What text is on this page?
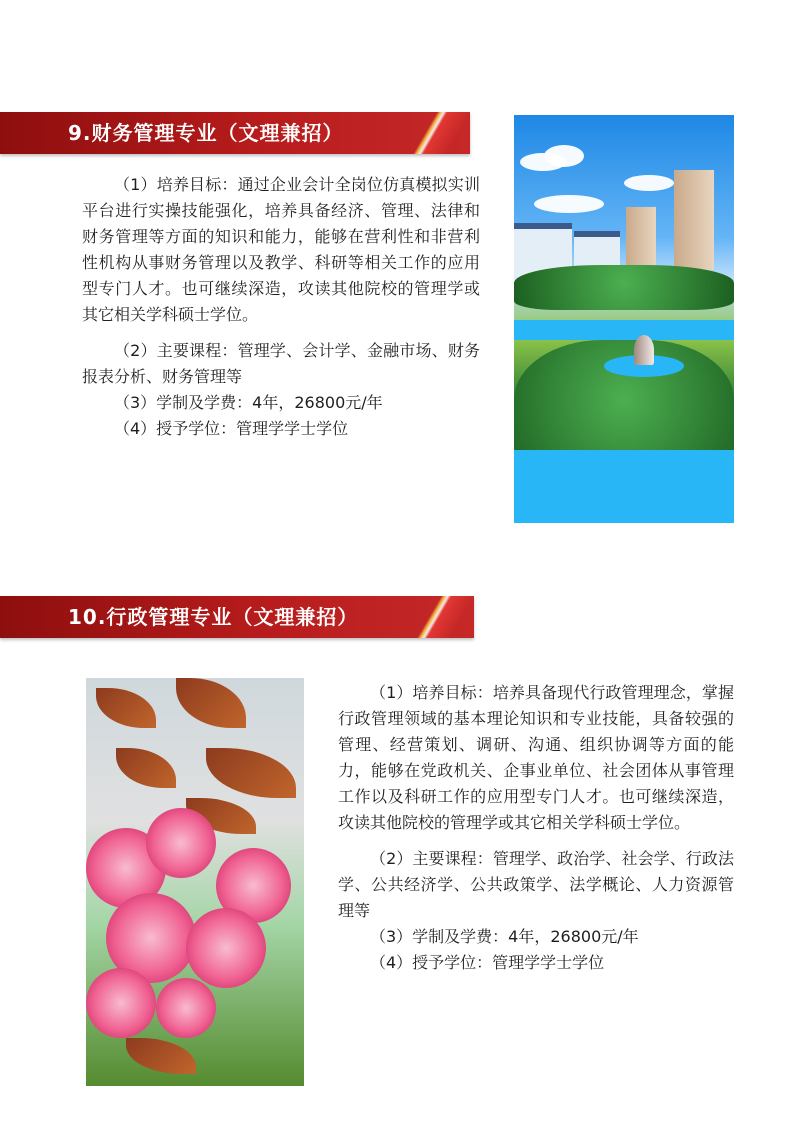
9.财务管理专业（文理兼招）

（1）培养目标：通过企业会计全岗位仿真模拟实训平台进行实操技能强化，培养具备经济、管理、法律和财务管理等方面的知识和能力，能够在营利性和非营利性机构从事财务管理以及教学、科研等相关工作的应用型专门人才。也可继续深造，攻读其他院校的管理学或其它相关学科硕士学位。

（2）主要课程：管理学、会计学、金融市场、财务报表分析、财务管理等

（3）学制及学费：4年，26800元/年

（4）授予学位：管理学学士学位

10.行政管理专业（文理兼招）

（1）培养目标：培养具备现代行政管理理念，掌握行政管理领域的基本理论知识和专业技能，具备较强的管理、经营策划、调研、沟通、组织协调等方面的能力，能够在党政机关、企事业单位、社会团体从事管理工作以及科研工作的应用型专门人才。也可继续深造，攻读其他院校的管理学或其它相关学科硕士学位。

（2）主要课程：管理学、政治学、社会学、行政法学、公共经济学、公共政策学、法学概论、人力资源管理等

（3）学制及学费：4年，26800元/年

（4）授予学位：管理学学士学位
